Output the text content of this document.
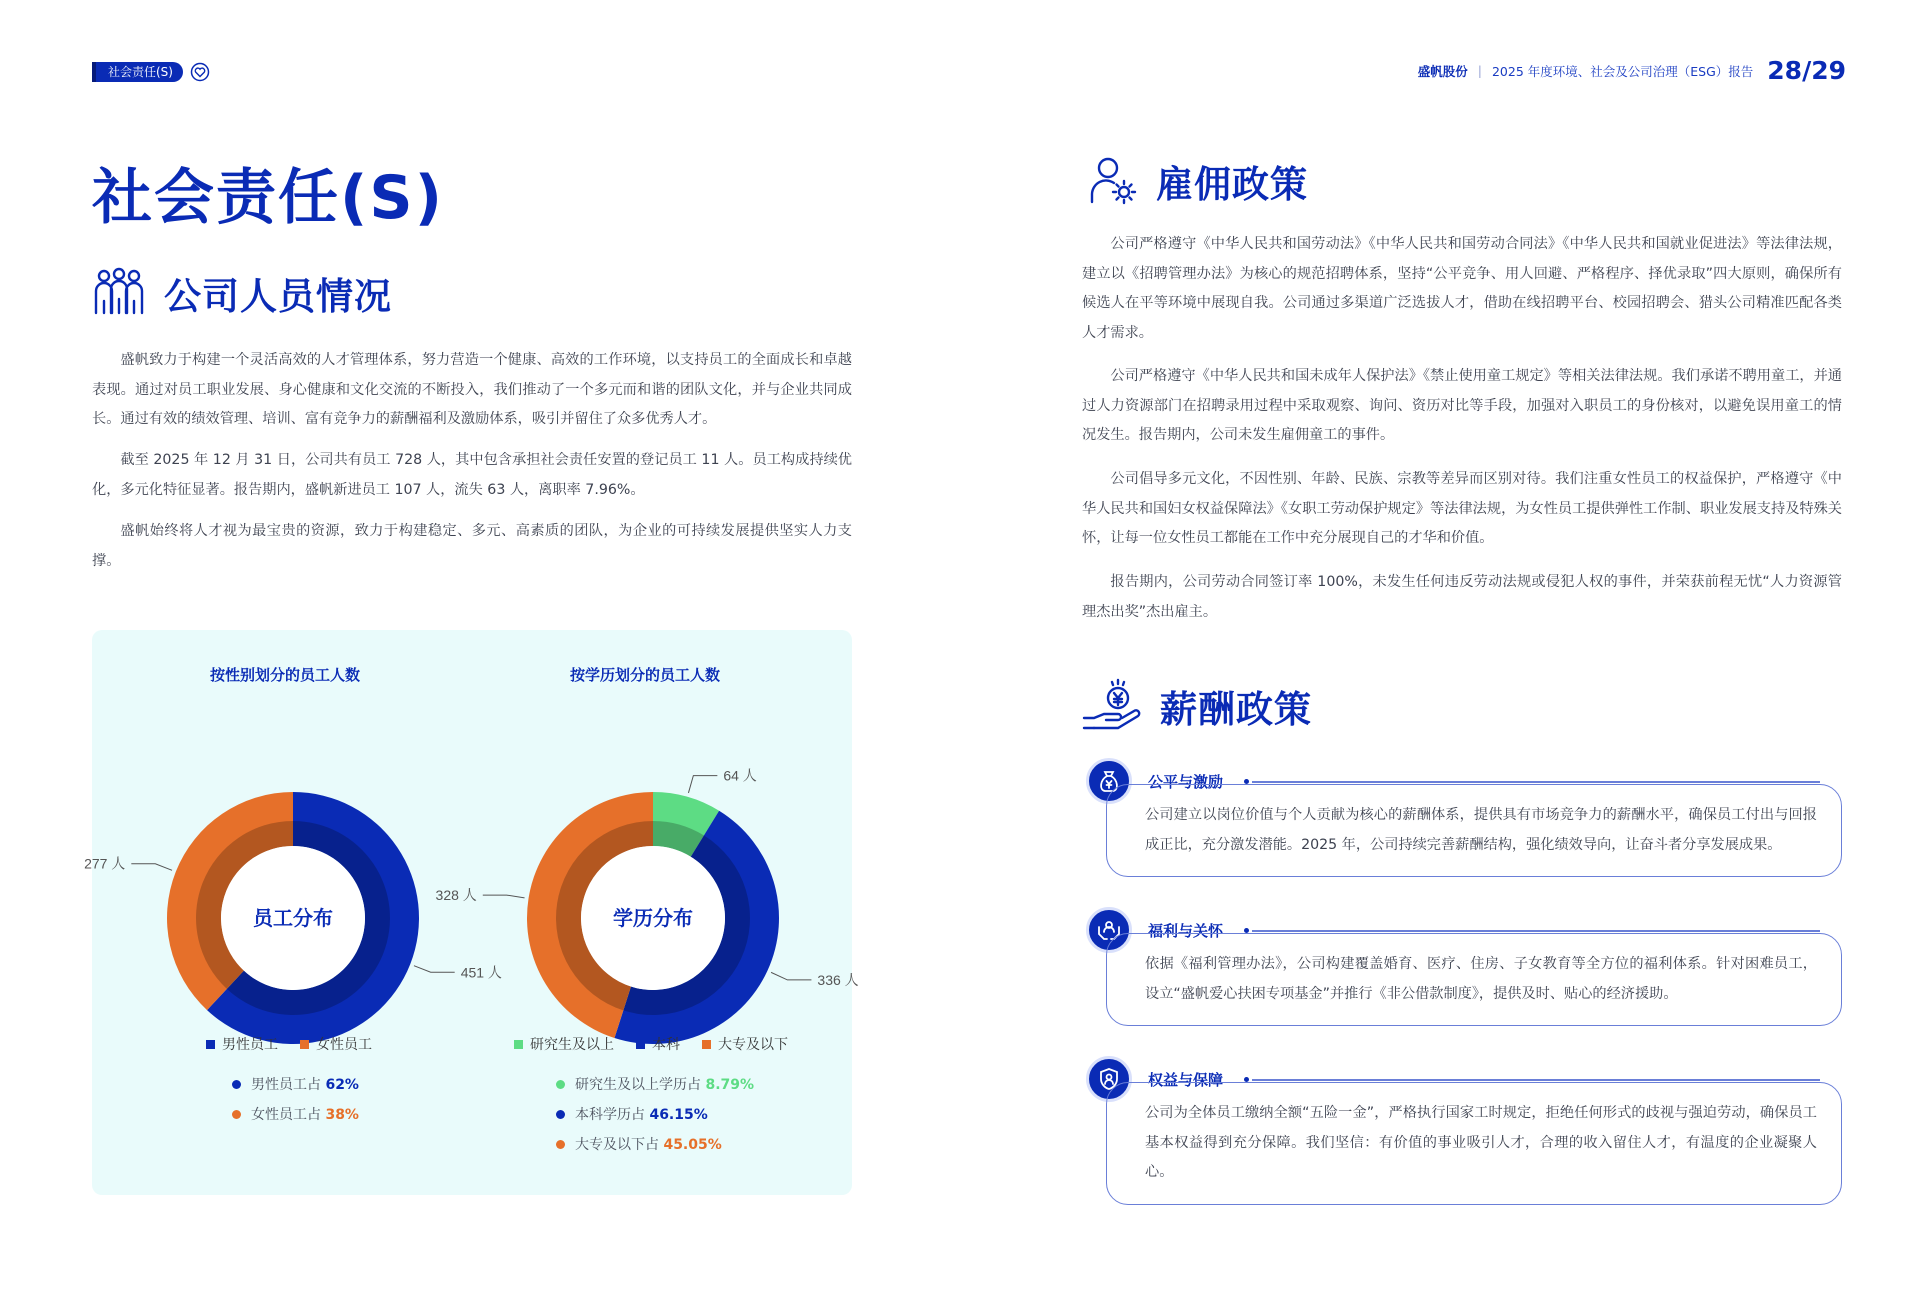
社会责任(S)	盛帆股份 | 2025 年度环境、社会及公司治理（ESG）报告 28/29
社会责任(S)
公司人员情况

盛帆致力于构建一个灵活高效的人才管理体系，努力营造一个健康、高效的工作环境，以支持员工的全面成长和卓越表现。通过对员工职业发展、身心健康和文化交流的不断投入，我们推动了一个多元而和谐的团队文化，并与企业共同成长。通过有效的绩效管理、培训、富有竞争力的薪酬福利及激励体系，吸引并留住了众多优秀人才。

截至 2025 年 12 月 31 日，公司共有员工 728 人，其中包含承担社会责任安置的登记员工 11 人。员工构成持续优化，多元化特征显著。报告期内，盛帆新进员工 107 人，流失 63 人，离职率 7.96%。

盛帆始终将人才视为最宝贵的资源，致力于构建稳定、多元、高素质的团队，为企业的可持续发展提供坚实人力支撑。

按性别划分的员工人数	按学历划分的员工人数
451 人
277 人
员工分布
64 人
336 人
328 人
学历分布
男性员工	女性员工	研究生及以上	本科	大专及以下
男性员工占 62%
女性员工占 38%
研究生及以上学历占 8.79%
本科学历占 46.15%
大专及以下占 45.05%
雇佣政策

公司严格遵守《中华人民共和国劳动法》《中华人民共和国劳动合同法》《中华人民共和国就业促进法》等法律法规，建立以《招聘管理办法》为核心的规范招聘体系，坚持“公平竞争、用人回避、严格程序、择优录取”四大原则，确保所有候选人在平等环境中展现自我。公司通过多渠道广泛选拔人才，借助在线招聘平台、校园招聘会、猎头公司精准匹配各类人才需求。

公司严格遵守《中华人民共和国未成年人保护法》《禁止使用童工规定》等相关法律法规。我们承诺不聘用童工，并通过人力资源部门在招聘录用过程中采取观察、询问、资历对比等手段，加强对入职员工的身份核对，以避免误用童工的情况发生。报告期内，公司未发生雇佣童工的事件。

公司倡导多元文化，不因性别、年龄、民族、宗教等差异而区别对待。我们注重女性员工的权益保护，严格遵守《中华人民共和国妇女权益保障法》《女职工劳动保护规定》等法律法规，为女性员工提供弹性工作制、职业发展支持及特殊关怀，让每一位女性员工都能在工作中充分展现自己的才华和价值。

报告期内，公司劳动合同签订率 100%，未发生任何违反劳动法规或侵犯人权的事件，并荣获前程无忧“人力资源管理杰出奖”杰出雇主。

薪酬政策
公平与激励
公司建立以岗位价值与个人贡献为核心的薪酬体系，提供具有市场竞争力的薪酬水平，确保员工付出与回报成正比，充分激发潜能。2025 年，公司持续完善薪酬结构，强化绩效导向，让奋斗者分享发展成果。
福利与关怀
依据《福利管理办法》，公司构建覆盖婚育、医疗、住房、子女教育等全方位的福利体系。针对困难员工，设立“盛帆爱心扶困专项基金”并推行《非公借款制度》，提供及时、贴心的经济援助。
权益与保障
公司为全体员工缴纳全额“五险一金”，严格执行国家工时规定，拒绝任何形式的歧视与强迫劳动，确保员工基本权益得到充分保障。我们坚信：有价值的事业吸引人才，合理的收入留住人才，有温度的企业凝聚人心。
